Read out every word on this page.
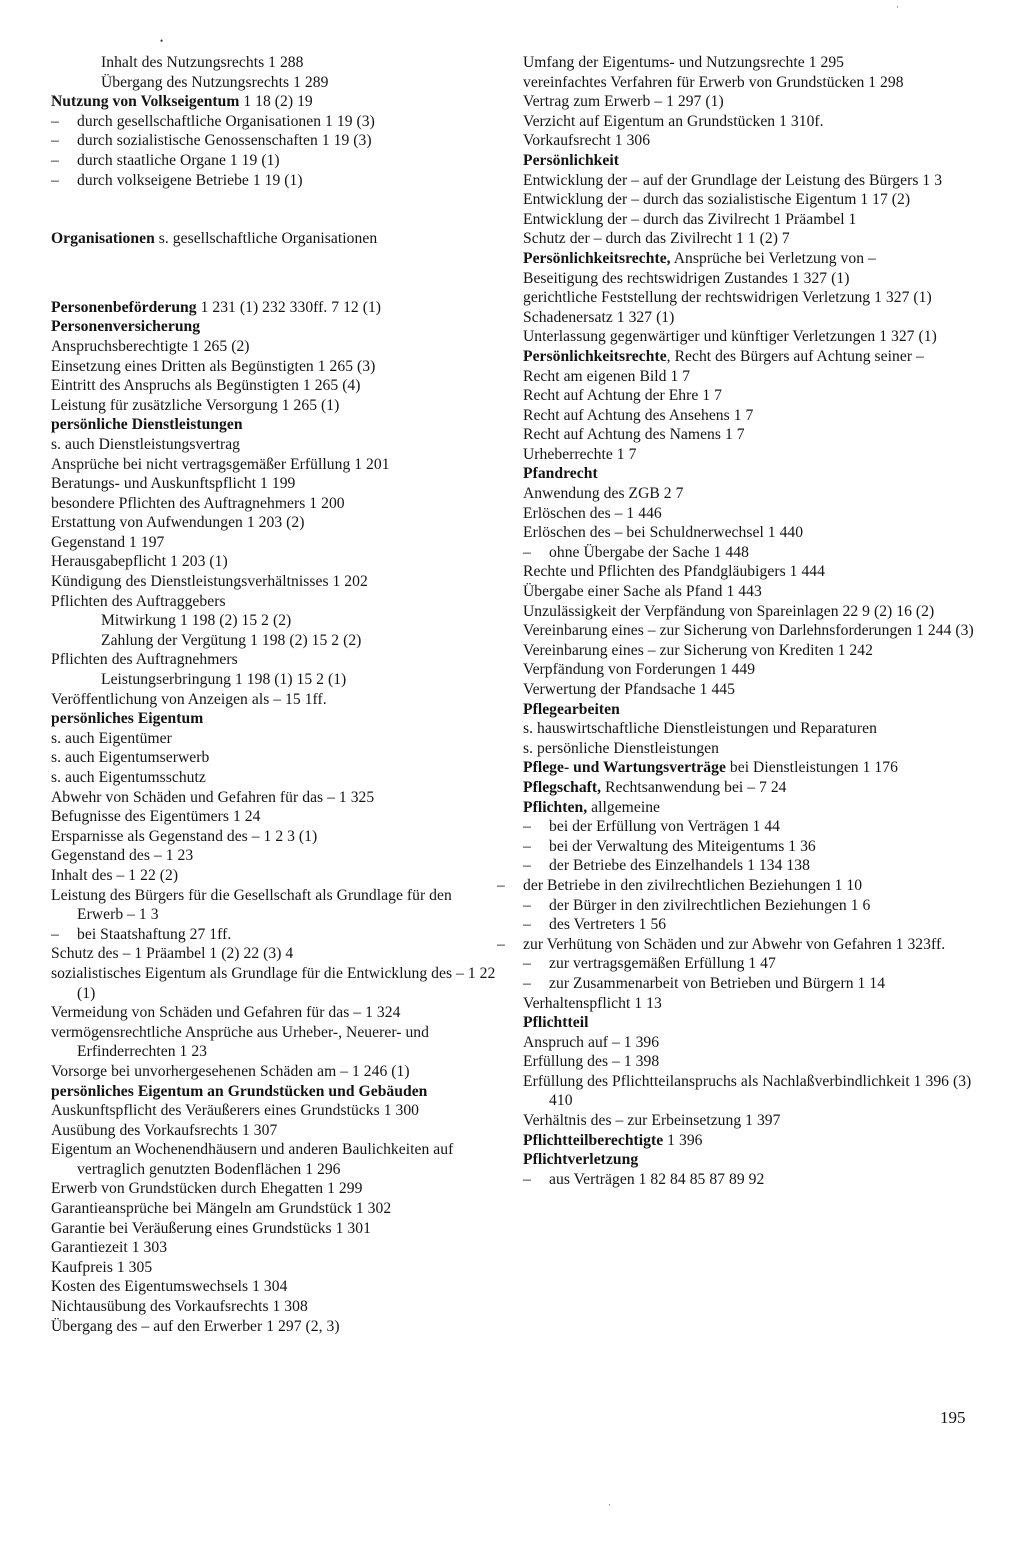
Inhalt des Nutzungsrechts 1 288
Übergang des Nutzungsrechts 1 289
Nutzung von Volkseigentum 1 18 (2) 19
– durch gesellschaftliche Organisationen 1 19 (3)
– durch sozialistische Genossenschaften 1 19 (3)
– durch staatliche Organe 1 19 (1)
– durch volkseigene Betriebe 1 19 (1)
Organisationen s. gesellschaftliche Organisationen
Personenbeförderung 1 231 (1) 232 330ff. 7 12 (1)
Personenversicherung
Anspruchsberechtigte 1 265 (2)
Einsetzung eines Dritten als Begünstigten 1 265 (3)
Eintritt des Anspruchs als Begünstigten 1 265 (4)
Leistung für zusätzliche Versorgung 1 265 (1)
persönliche Dienstleistungen
s. auch Dienstleistungsvertrag
Ansprüche bei nicht vertragsgemäßer Erfüllung 1 201
Beratungs- und Auskunftspflicht 1 199
besondere Pflichten des Auftragnehmers 1 200
Erstattung von Aufwendungen 1 203 (2)
Gegenstand 1 197
Herausgabepflicht 1 203 (1)
Kündigung des Dienstleistungsverhältnisses 1 202
Pflichten des Auftraggebers
Mitwirkung 1 198 (2) 15 2 (2)
Zahlung der Vergütung 1 198 (2) 15 2 (2)
Pflichten des Auftragnehmers
Leistungserbringung 1 198 (1) 15 2 (1)
Veröffentlichung von Anzeigen als – 15 1ff.
persönliches Eigentum
s. auch Eigentümer
s. auch Eigentumserwerb
s. auch Eigentumsschutz
Abwehr von Schäden und Gefahren für das – 1 325
Befugnisse des Eigentümers 1 24
Ersparnisse als Gegenstand des – 1 2 3 (1)
Gegenstand des – 1 23
Inhalt des – 1 22 (2)
Leistung des Bürgers für die Gesellschaft als Grundlage für den Erwerb – 1 3
– bei Staatshaftung 27 1ff.
Schutz des – 1 Präambel 1 (2) 22 (3) 4
sozialistisches Eigentum als Grundlage für die Entwicklung des – 1 22 (1)
Vermeidung von Schäden und Gefahren für das – 1 324
vermögensrechtliche Ansprüche aus Urheber-, Neuerer- und Erfinderrechten 1 23
Vorsorge bei unvorhergesehenen Schäden am – 1 246 (1)
persönliches Eigentum an Grundstücken und Gebäuden
Auskunftspflicht des Veräußerers eines Grundstücks 1 300
Ausübung des Vorkaufsrechts 1 307
Eigentum an Wochenendhäusern und anderen Baulichkeiten auf vertraglich genutzten Bodenflächen 1 296
Erwerb von Grundstücken durch Ehegatten 1 299
Garantieansprüche bei Mängeln am Grundstück 1 302
Garantie bei Veräußerung eines Grundstücks 1 301
Garantiezeit 1 303
Kaufpreis 1 305
Kosten des Eigentumswechsels 1 304
Nichtausübung des Vorkaufsrechts 1 308
Übergang des – auf den Erwerber 1 297 (2, 3)
Umfang der Eigentums- und Nutzungsrechte 1 295
vereinfachtes Verfahren für Erwerb von Grundstücken 1 298
Vertrag zum Erwerb – 1 297 (1)
Verzicht auf Eigentum an Grundstücken 1 310f.
Vorkaufsrecht 1 306
Persönlichkeit
Entwicklung der – auf der Grundlage der Leistung des Bürgers 1 3
Entwicklung der – durch das sozialistische Eigentum 1 17 (2)
Entwicklung der – durch das Zivilrecht 1 Präambel 1
Schutz der – durch das Zivilrecht 1 1 (2) 7
Persönlichkeitsrechte, Ansprüche bei Verletzung von –
Beseitigung des rechtswidrigen Zustandes 1 327 (1)
gerichtliche Feststellung der rechtswidrigen Verletzung 1 327 (1)
Schadenersatz 1 327 (1)
Unterlassung gegenwärtiger und künftiger Verletzungen 1 327 (1)
Persönlichkeitsrechte, Recht des Bürgers auf Achtung seiner –
Recht am eigenen Bild 1 7
Recht auf Achtung der Ehre 1 7
Recht auf Achtung des Ansehens 1 7
Recht auf Achtung des Namens 1 7
Urheberrechte 1 7
Pfandrecht
Anwendung des ZGB 2 7
Erlöschen des – 1 446
Erlöschen des – bei Schuldnerwechsel 1 440
– ohne Übergabe der Sache 1 448
Rechte und Pflichten des Pfandgläubigers 1 444
Übergabe einer Sache als Pfand 1 443
Unzulässigkeit der Verpfändung von Spareinlagen 22 9 (2) 16 (2)
Vereinbarung eines – zur Sicherung von Darlehnsforderungen 1 244 (3)
Vereinbarung eines – zur Sicherung von Krediten 1 242
Verpfändung von Forderungen 1 449
Verwertung der Pfandsache 1 445
Pflegearbeiten
s. hauswirtschaftliche Dienstleistungen und Reparaturen
s. persönliche Dienstleistungen
Pflege- und Wartungsverträge bei Dienstleistungen 1 176
Pflegschaft, Rechtsanwendung bei – 7 24
Pflichten, allgemeine
– bei der Erfüllung von Verträgen 1 44
– bei der Verwaltung des Miteigentums 1 36
– der Betriebe des Einzelhandels 1 134 138
– der Betriebe in den zivilrechtlichen Beziehungen 1 10
– der Bürger in den zivilrechtlichen Beziehungen 1 6
– des Vertreters 1 56
– zur Verhütung von Schäden und zur Abwehr von Gefahren 1 323ff.
– zur vertragsgemäßen Erfüllung 1 47
– zur Zusammenarbeit von Betrieben und Bürgern 1 14
Verhaltenspflicht 1 13
Pflichtteil
Anspruch auf – 1 396
Erfüllung des – 1 398
Erfüllung des Pflichtteilanspruchs als Nachlaßverbindlichkeit 1 396 (3) 410
Verhältnis des – zur Erbeinsetzung 1 397
Pflichtteilberechtigte 1 396
Pflichtverletzung
– aus Verträgen 1 82 84 85 87 89 92
195
•
·
·
